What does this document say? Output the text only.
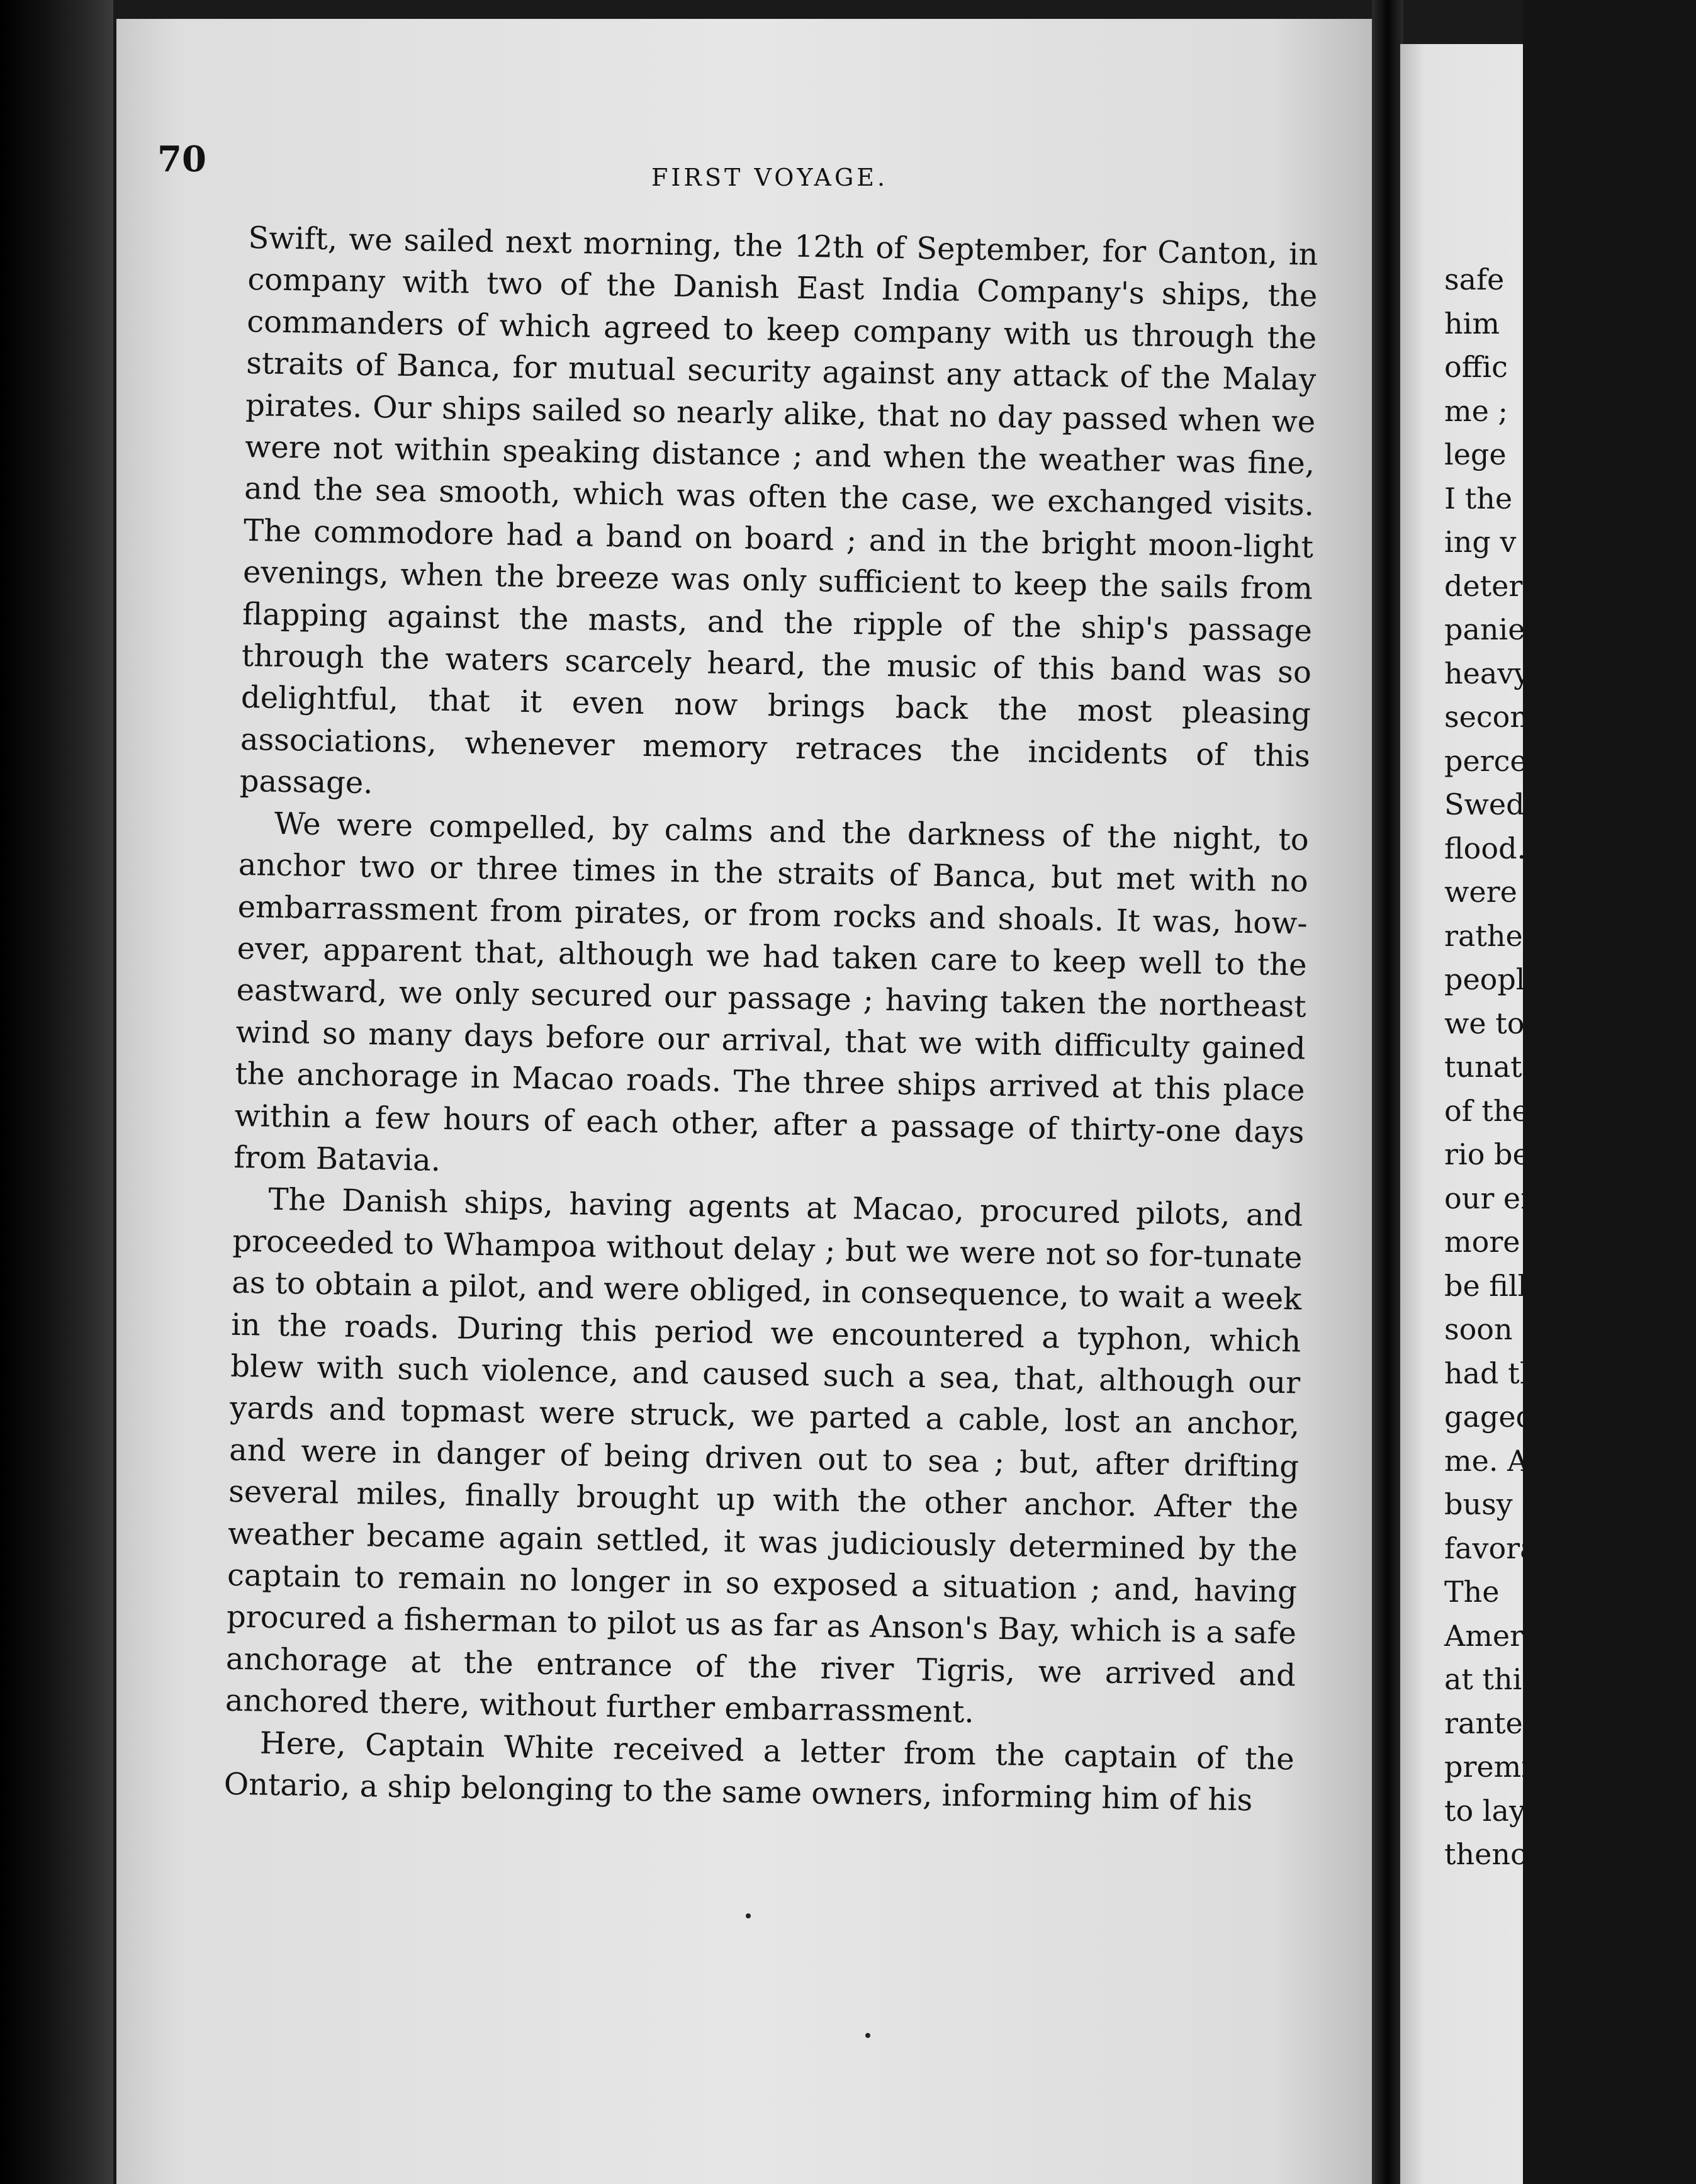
70	FIRST VOYAGE.

Swift, we sailed next morning, the 12th of September, for Canton, in company with two of the Danish East India Company's ships, the commanders of which agreed to keep company with us through the straits of Banca, for mutual security against any attack of the Malay pirates. Our ships sailed so nearly alike, that no day passed when we were not within speaking distance ; and when the weather was fine, and the sea smooth, which was often the case, we exchanged visits. The commodore had a band on board ; and in the bright moon-light evenings, when the breeze was only sufficient to keep the sails from flapping against the masts, and the ripple of the ship's passage through the waters scarcely heard, the music of this band was so delightful, that it even now brings back the most pleasing associations, whenever memory retraces the incidents of this passage.

We were compelled, by calms and the darkness of the night, to anchor two or three times in the straits of Banca, but met with no embarrassment from pirates, or from rocks and shoals. It was, how-ever, apparent that, although we had taken care to keep well to the eastward, we only secured our passage ; having taken the northeast wind so many days before our arrival, that we with difficulty gained the anchorage in Macao roads. The three ships arrived at this place within a few hours of each other, after a passage of thirty-one days from Batavia.

The Danish ships, having agents at Macao, procured pilots, and proceeded to Whampoa without delay ; but we were not so for-tunate as to obtain a pilot, and were obliged, in consequence, to wait a week in the roads. During this period we encountered a typhon, which blew with such violence, and caused such a sea, that, although our yards and topmast were struck, we parted a cable, lost an anchor, and were in danger of being driven out to sea ; but, after drifting several miles, finally brought up with the other anchor. After the weather became again settled, it was judiciously determined by the captain to remain no longer in so exposed a situation ; and, having procured a fisherman to pilot us as far as Anson's Bay, which is a safe anchorage at the entrance of the river Tigris, we arrived and anchored there, without further embarrassment.

Here, Captain White received a letter from the captain of the Ontario, a ship belonging to the same owners, informing him of his

safe
him
offic
me ;
lege
I the
ing v
deter
panie
heavy
secon
perce
Swed
flood.
were
rather
people
we too
tunate
of the
rio bef
our er
more a
be fille
soon as
had the
gaged
me. A
busy in
favorab
The
Americ
at this t
ranted i
premium
to lay in
thence c
